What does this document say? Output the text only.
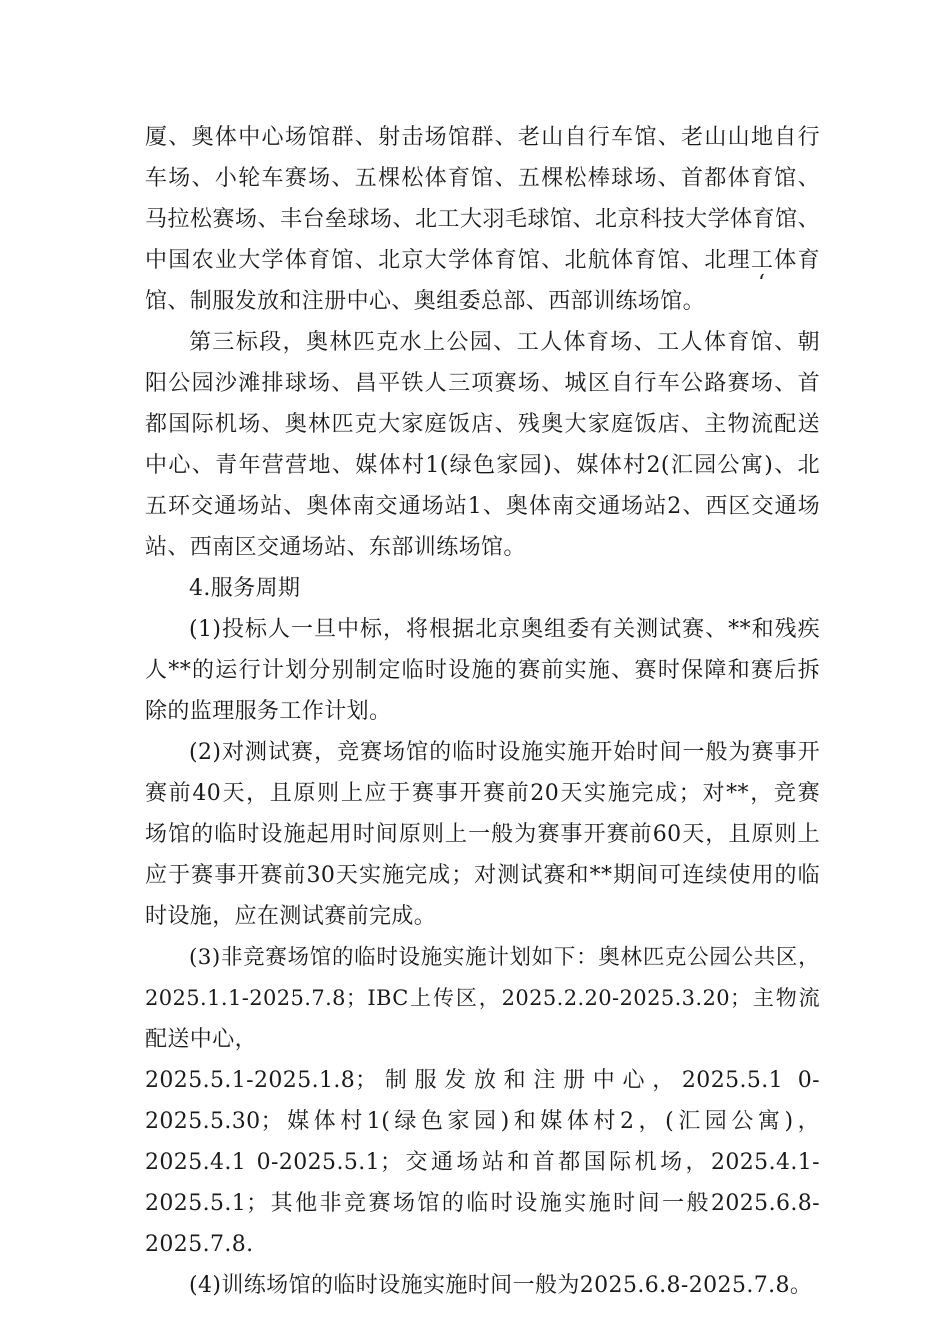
厦、奥体中心场馆群、射击场馆群、老山自行车馆、老山山地自行
车场、小轮车赛场、五棵松体育馆、五棵松棒球场、首都体育馆、
马拉松赛场、丰台垒球场、北工大羽毛球馆、北京科技大学体育馆、
中国农业大学体育馆、北京大学体育馆、北航体育馆、北理工体育
馆、制服发放和注册中心、奥组委总部、西部训练场馆。
第三标段，奥林匹克水上公园、工人体育场、工人体育馆、朝
阳公园沙滩排球场、昌平铁人三项赛场、城区自行车公路赛场、首
都国际机场、奥林匹克大家庭饭店、残奥大家庭饭店、主物流配送
中心、青年营营地、媒体村1(绿色家园)、媒体村2(汇园公寓)、北
五环交通场站、奥体南交通场站1、奥体南交通场站2、西区交通场
站、西南区交通场站、东部训练场馆。
4.服务周期
(1)投标人一旦中标，将根据北京奥组委有关测试赛、**和残疾
人**的运行计划分别制定临时设施的赛前实施、赛时保障和赛后拆
除的监理服务工作计划。
(2)对测试赛，竞赛场馆的临时设施实施开始时间一般为赛事开
赛前40天，且原则上应于赛事开赛前20天实施完成；对**，竞赛
场馆的临时设施起用时间原则上一般为赛事开赛前60天，且原则上
应于赛事开赛前30天实施完成；对测试赛和**期间可连续使用的临
时设施，应在测试赛前完成。
(3)非竞赛场馆的临时设施实施计划如下：奥林匹克公园公共区，
2025.1.1-2025.7.8；IBC上传区，2025.2.20-2025.3.20；主物流
配送中心，
2025.5.1-2025.1.8；制服发放和注册中心，2025.5.1 0-
2025.5.30；媒体村1(绿色家园)和媒体村2，(汇园公寓)，
2025.4.1 0-2025.5.1；交通场站和首都国际机场，2025.4.1-
2025.5.1；其他非竞赛场馆的临时设施实施时间一般2025.6.8-
2025.7.8.
(4)训练场馆的临时设施实施时间一般为2025.6.8-2025.7.8。
‘
